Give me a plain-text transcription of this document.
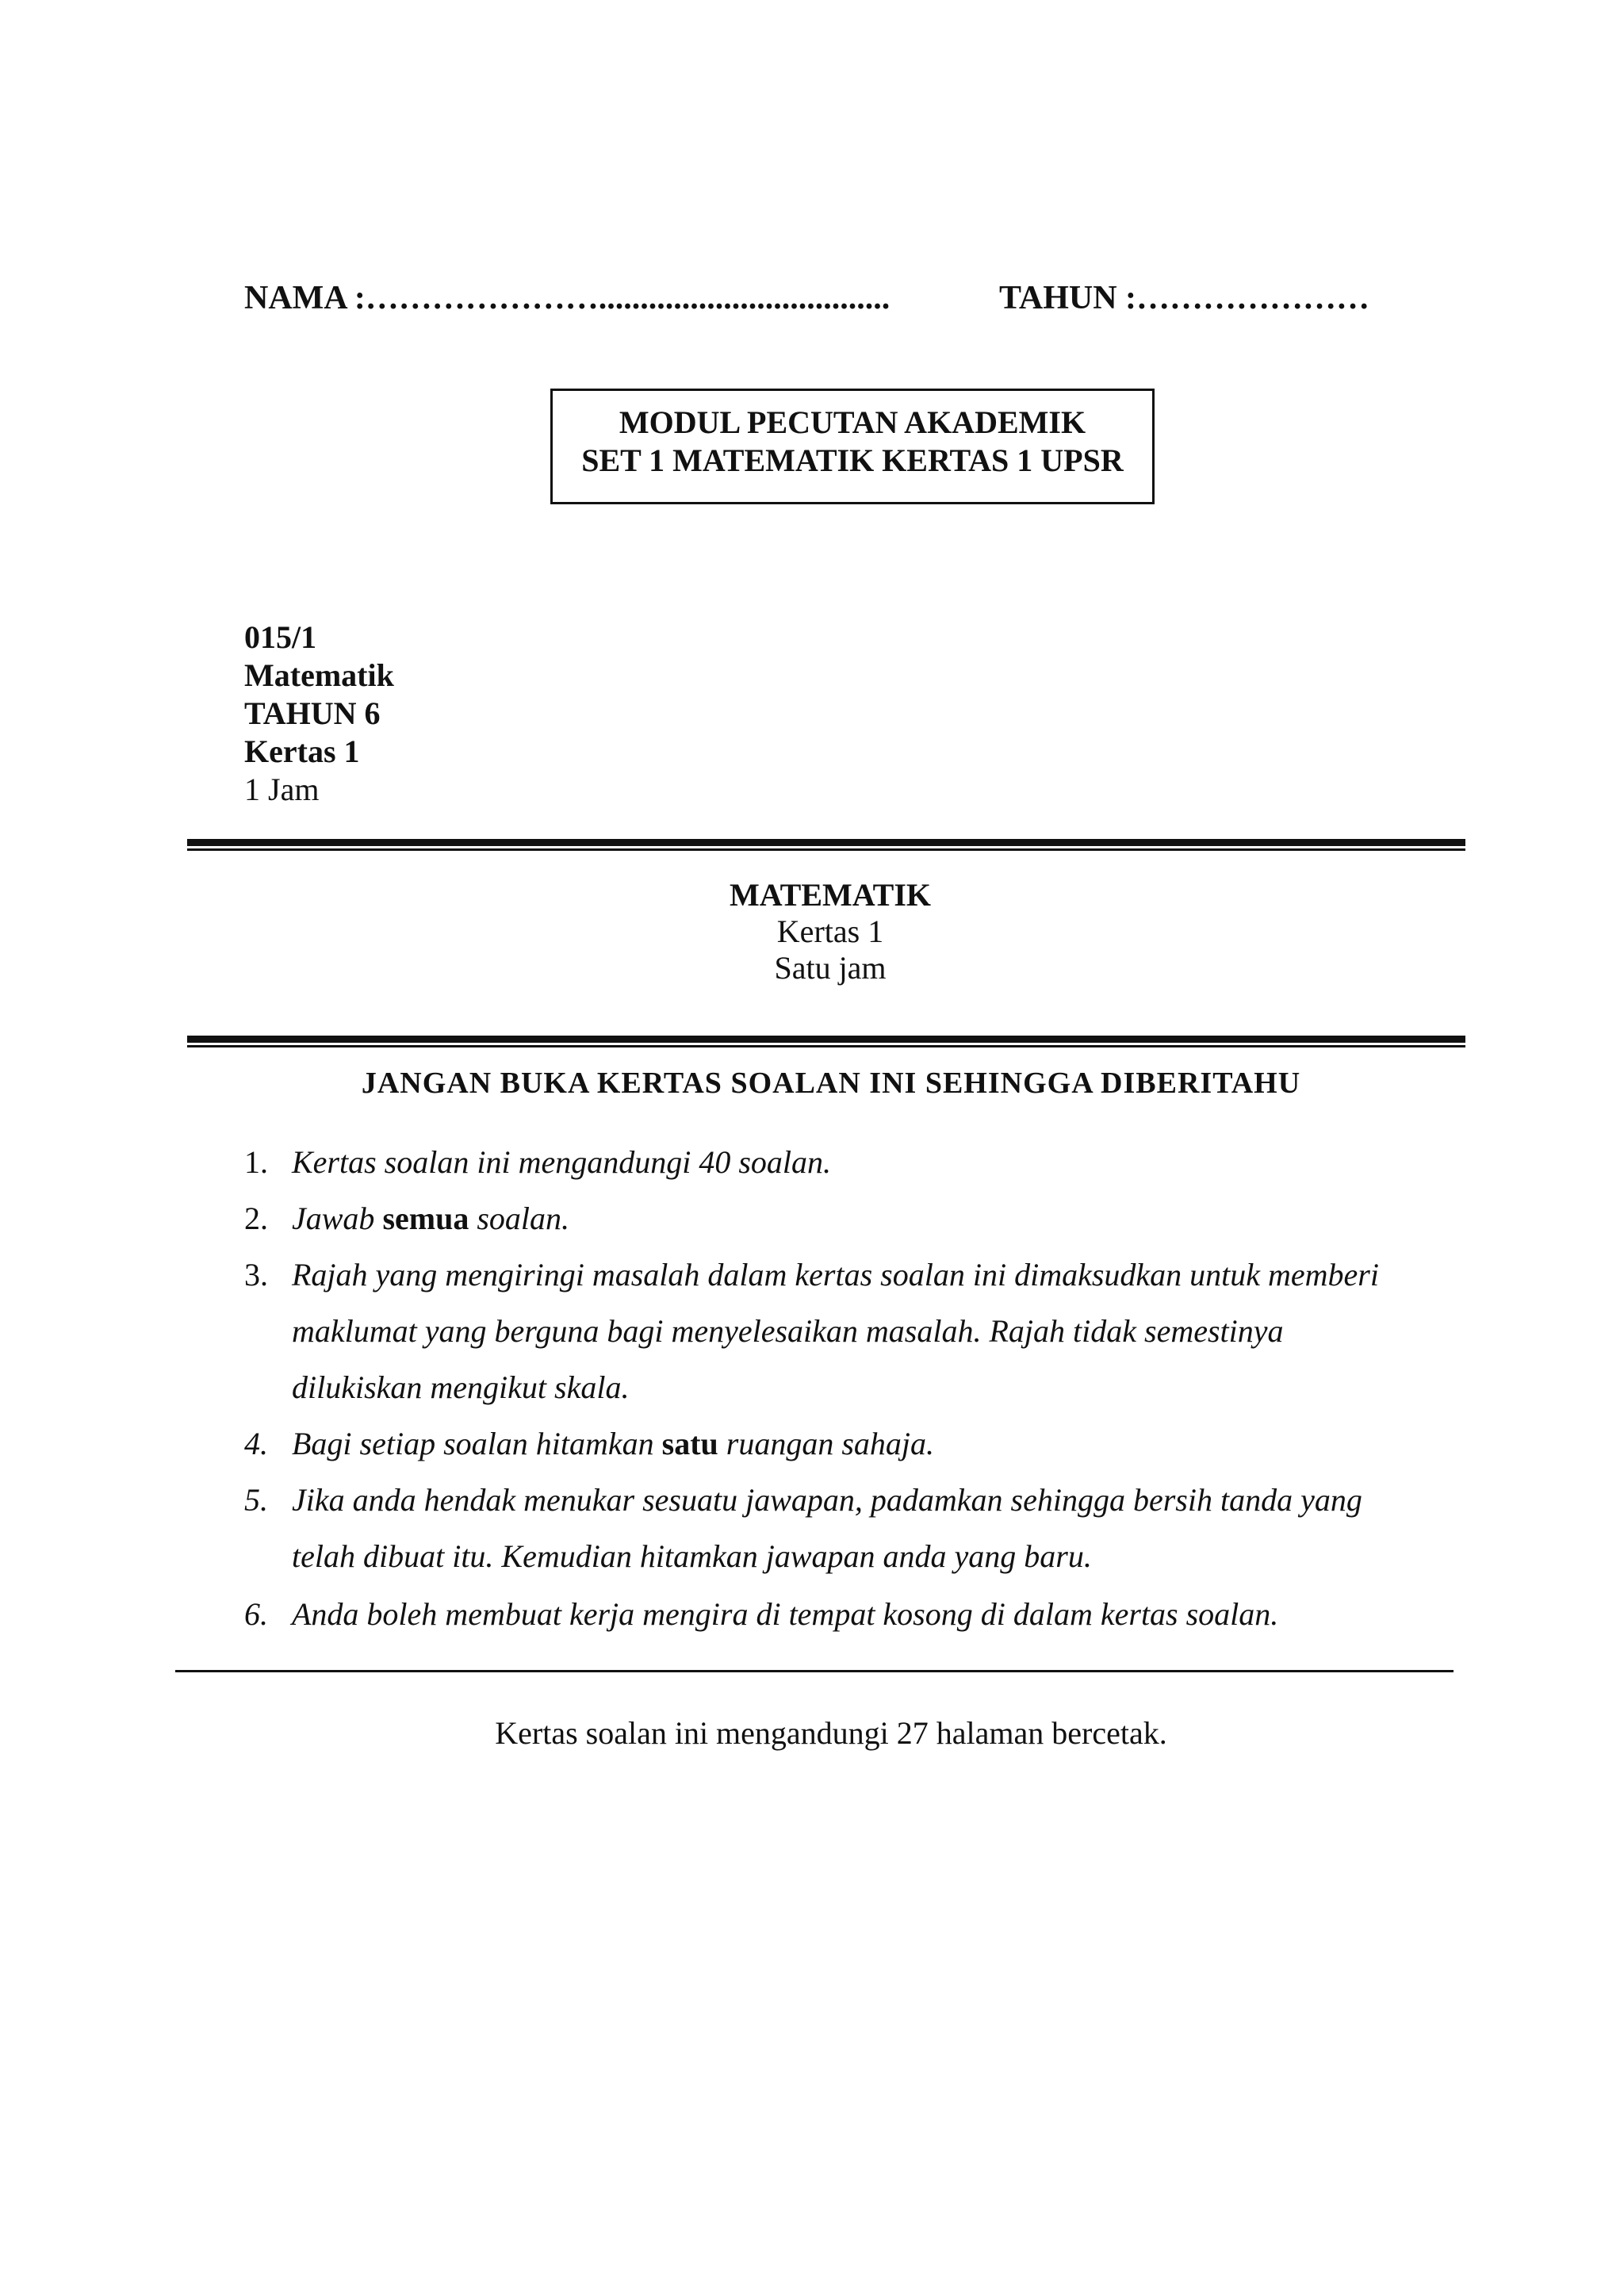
NAMA :…………………...................................	TAHUN :…………………
MODUL PECUTAN AKADEMIK
SET 1 MATEMATIK KERTAS 1 UPSR
015/1
Matematik
TAHUN 6
Kertas 1
1 Jam
MATEMATIK
Kertas 1
Satu jam
JANGAN BUKA KERTAS SOALAN INI SEHINGGA DIBERITAHU
1. Kertas soalan ini mengandungi 40 soalan.
2. Jawab semua soalan.
3. Rajah yang mengiringi masalah dalam kertas soalan ini dimaksudkan untuk memberi
maklumat yang berguna bagi menyelesaikan masalah. Rajah tidak semestinya
dilukiskan mengikut skala.
4. Bagi setiap soalan hitamkan satu ruangan sahaja.
5. Jika anda hendak menukar sesuatu jawapan, padamkan sehingga bersih tanda yang
telah dibuat itu. Kemudian hitamkan jawapan anda yang baru.
6. Anda boleh membuat kerja mengira di tempat kosong di dalam kertas soalan.
Kertas soalan ini mengandungi 27 halaman bercetak.
